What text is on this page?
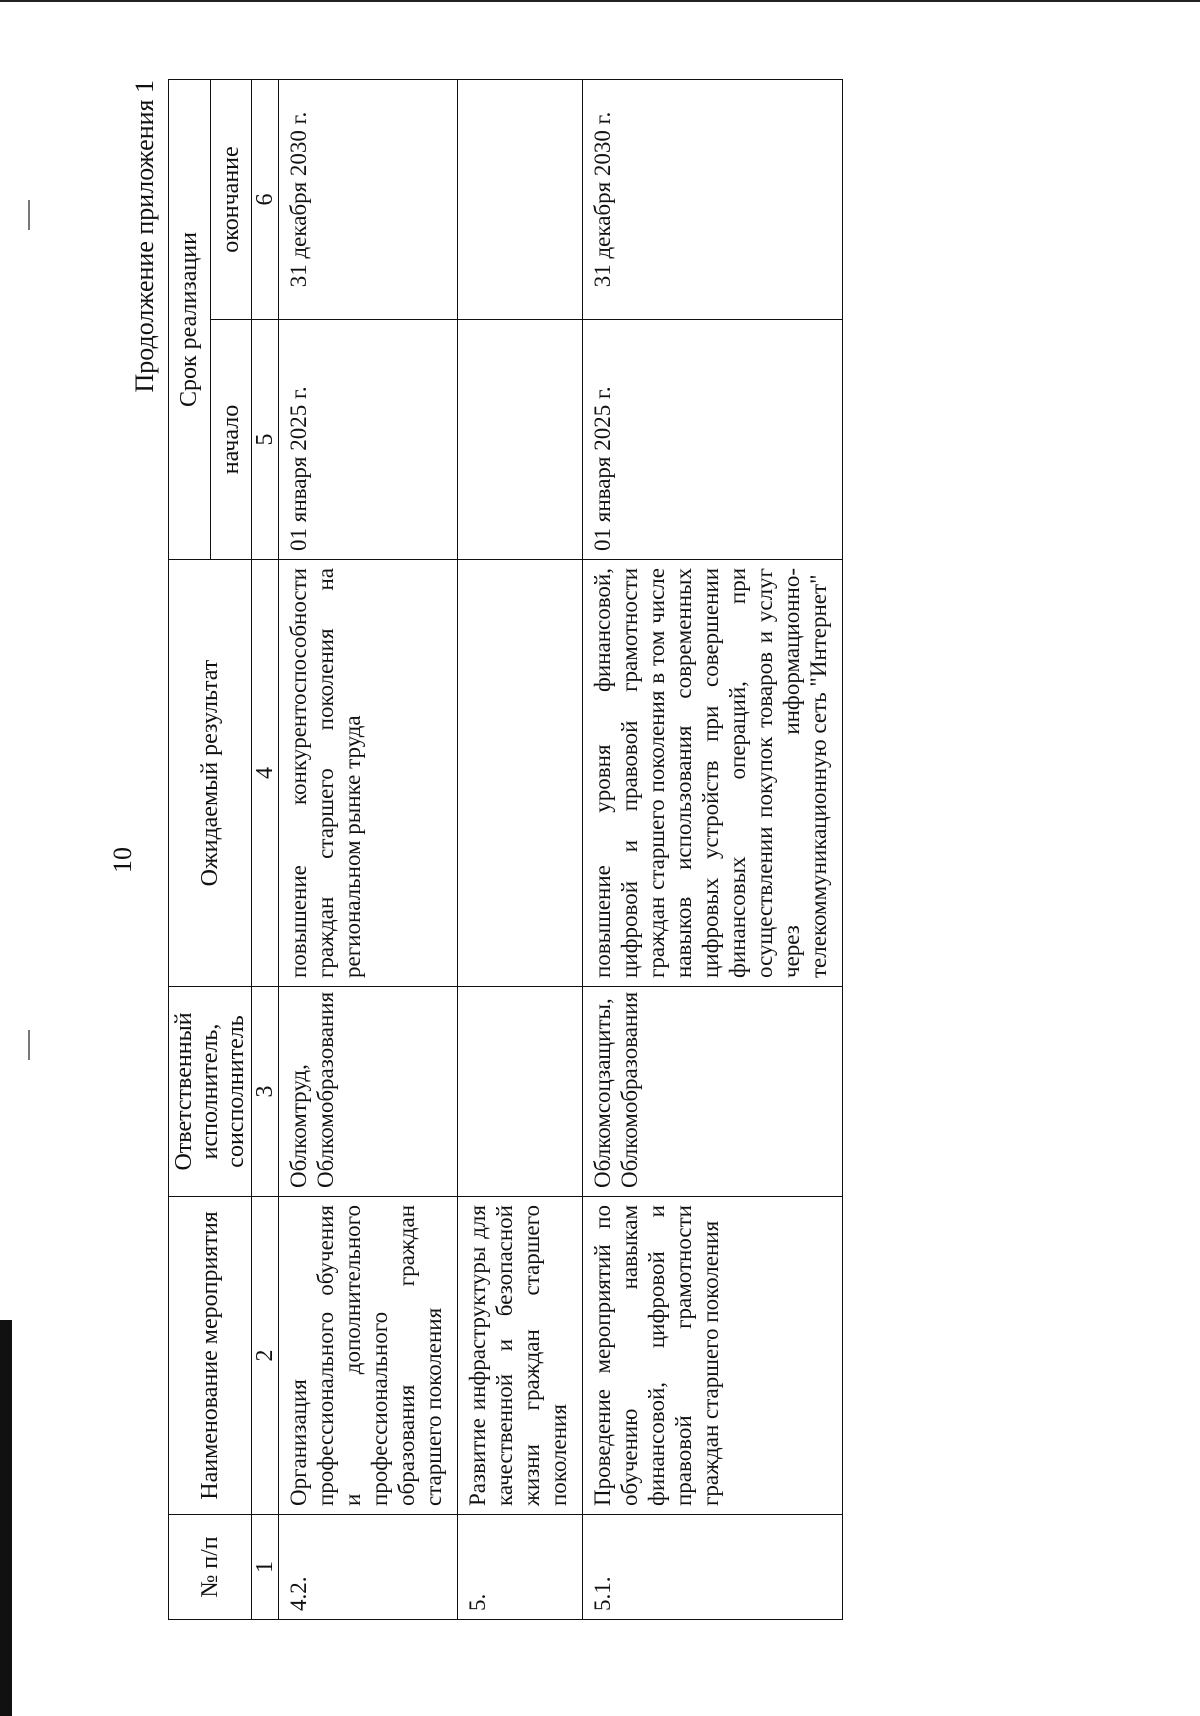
10
Продолжение приложения 1
№ п/п	Наименование мероприятия	Ответственный исполнитель, соисполнитель	Ожидаемый результат	Срок реализации	
				начало	окончание
1	2	3	4	5	6
4.2.	Организация профессионального обучения и дополнительного профессионального образования граждан старшего поколения	Облкомтруд, Облкомобразования	повышение конкурентоспособности граждан старшего поколения на региональном рынке труда	01 января 2025 г.	31 декабря 2030 г.
5.	Развитие инфраструктуры для качественной и безопасной жизни граждан старшего поколения				
5.1.	Проведение мероприятий по обучению навыкам финансовой, цифровой и правовой грамотности граждан старшего поколения	Облкомсоцзащиты, Облкомобразования	повышение уровня финансовой, цифровой и правовой грамотности граждан старшего поколения в том числе навыков использования современных цифровых устройств при совершении финансовых операций, при осуществлении покупок товаров и услуг через информационно-телекоммуникационную сеть "Интернет"	01 января 2025 г.	31 декабря 2030 г.
